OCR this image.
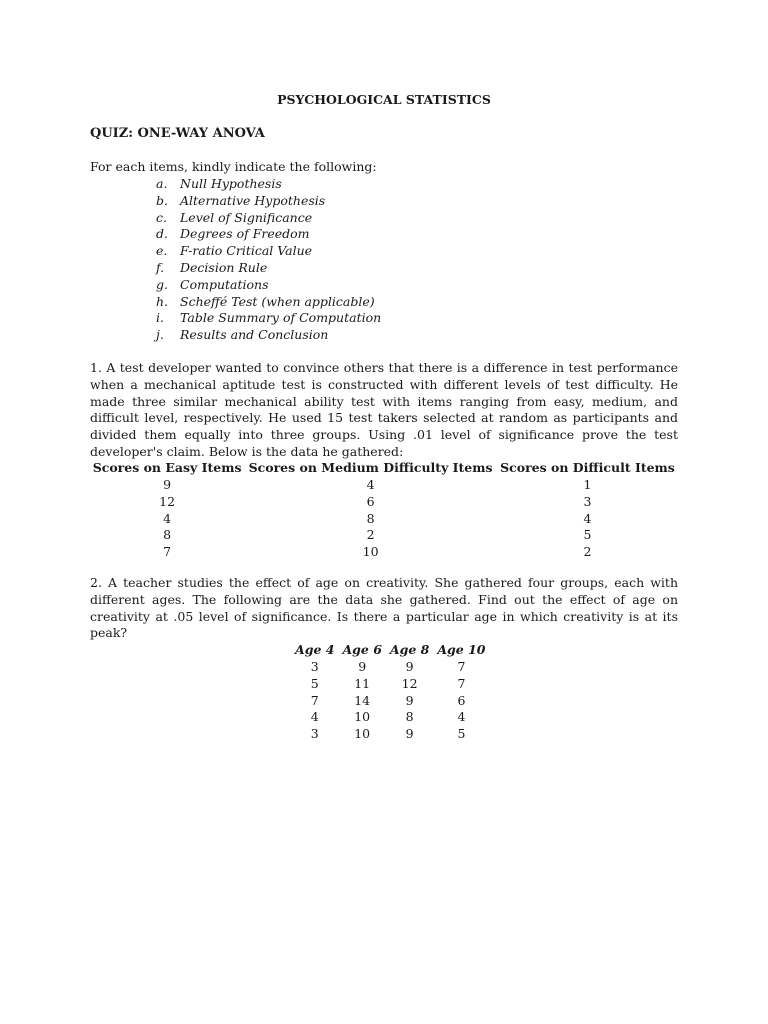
PSYCHOLOGICAL STATISTICS
QUIZ: ONE-WAY ANOVA
For each items, kindly indicate the following:
a. Null Hypothesis
b. Alternative Hypothesis
c. Level of Significance
d. Degrees of Freedom
e. F-ratio Critical Value
f. Decision Rule
g. Computations
h. Scheffé Test (when applicable)
i. Table Summary of Computation
j. Results and Conclusion
1. A test developer wanted to convince others that there is a difference in test performance when a mechanical aptitude test is constructed with different levels of test difficulty. He made three similar mechanical ability test with items ranging from easy, medium, and difficult level, respectively. He used 15 test takers selected at random as participants and divided them equally into three groups. Using .01 level of significance prove the test developer's claim. Below is the data he gathered:
Scores on Easy Items	Scores on Medium Difficulty Items	Scores on Difficult Items
9	4	1
12	6	3
4	8	4
8	2	5
7	10	2
2. A teacher studies the effect of age on creativity. She gathered four groups, each with different ages. The following are the data she gathered. Find out the effect of age on creativity at .05 level of significance. Is there a particular age in which creativity is at its peak?
Age 4	Age 6	Age 8	Age 10
3	9	9	7
5	11	12	7
7	14	9	6
4	10	8	4
3	10	9	5
